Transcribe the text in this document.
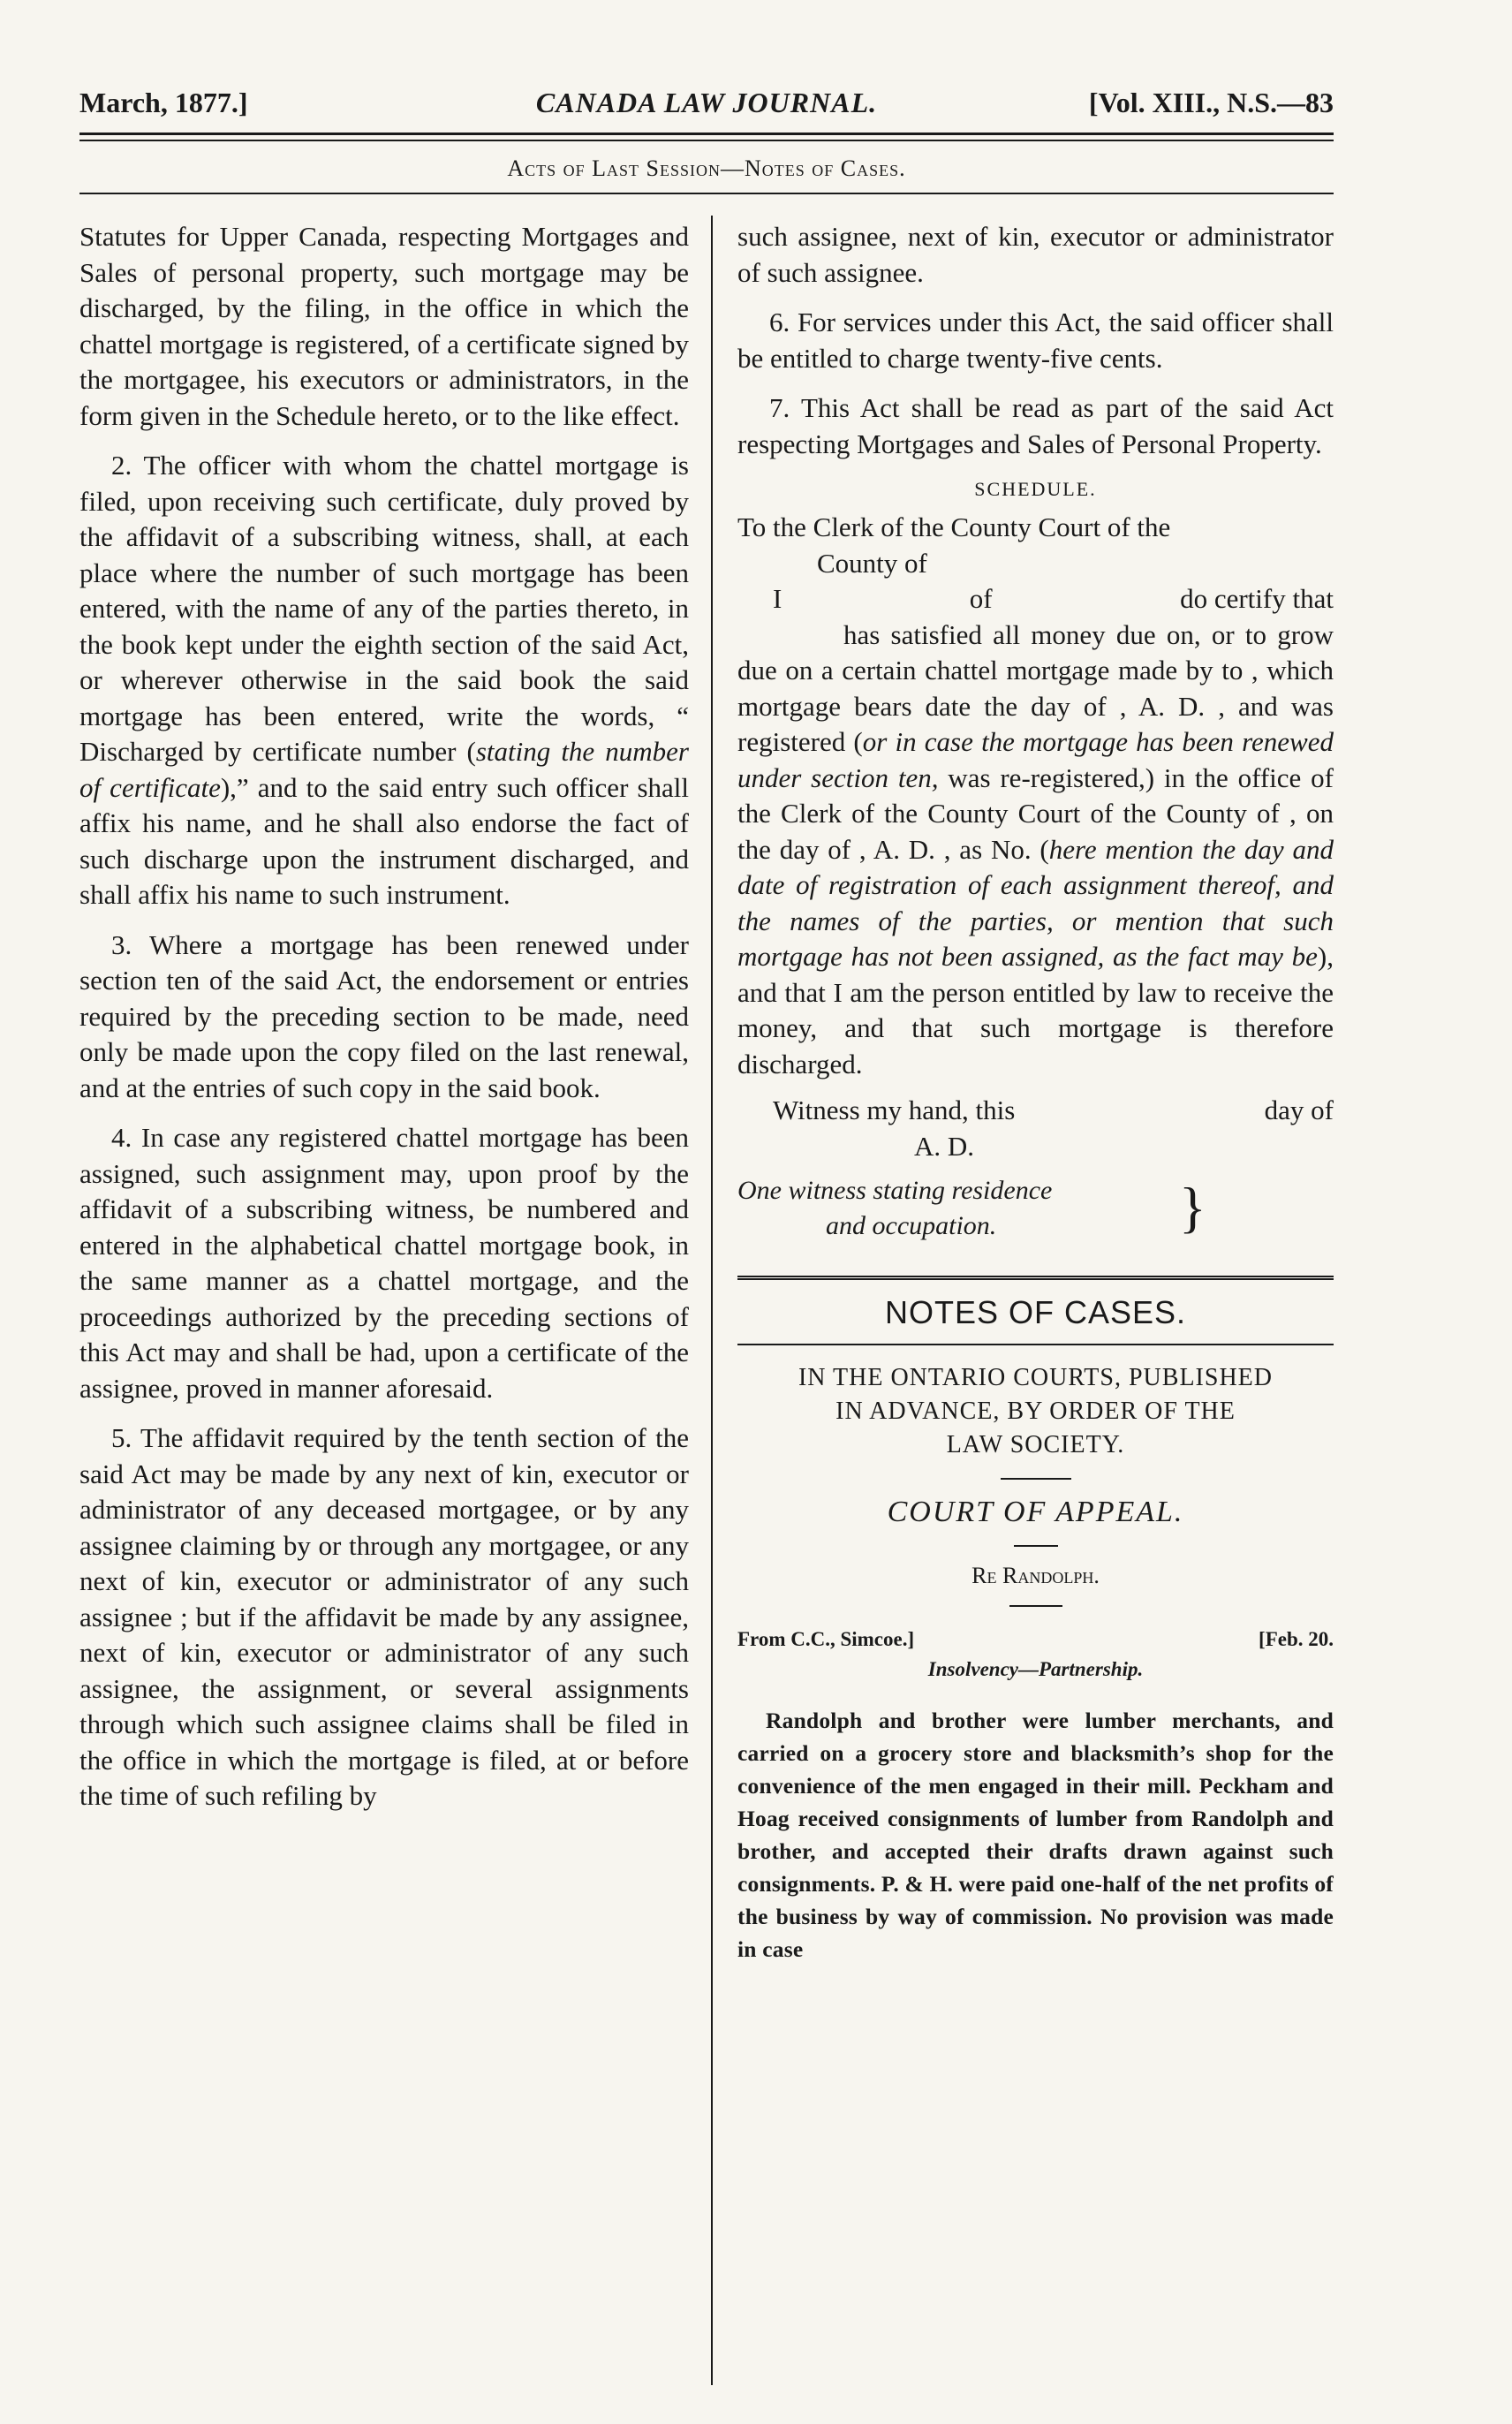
March, 1877.]	CANADA LAW JOURNAL.	[Vol. XIII., N.S.—83
Acts of Last Session—Notes of Cases.

Statutes for Upper Canada, respecting Mortgages and Sales of personal property, such mortgage may be discharged, by the filing, in the office in which the chattel mortgage is registered, of a certificate signed by the mortgagee, his executors or administrators, in the form given in the Schedule hereto, or to the like effect.

2. The officer with whom the chattel mortgage is filed, upon receiving such certificate, duly proved by the affidavit of a subscribing witness, shall, at each place where the number of such mortgage has been entered, with the name of any of the parties thereto, in the book kept under the eighth section of the said Act, or wherever otherwise in the said book the said mortgage has been entered, write the words, “ Discharged by certificate number (stating the number of certificate),” and to the said entry such officer shall affix his name, and he shall also endorse the fact of such discharge upon the instrument discharged, and shall affix his name to such instrument.

3. Where a mortgage has been renewed under section ten of the said Act, the endorsement or entries required by the preceding section to be made, need only be made upon the copy filed on the last renewal, and at the entries of such copy in the said book.

4. In case any registered chattel mortgage has been assigned, such assignment may, upon proof by the affidavit of a subscribing witness, be numbered and entered in the alphabetical chattel mortgage book, in the same manner as a chattel mortgage, and the proceedings authorized by the preceding sections of this Act may and shall be had, upon a certificate of the assignee, proved in manner aforesaid.

5. The affidavit required by the tenth section of the said Act may be made by any next of kin, executor or administrator of any deceased mortgagee, or by any assignee claiming by or through any mortgagee, or any next of kin, executor or administrator of any such assignee ; but if the affidavit be made by any assignee, next of kin, executor or administrator of any such assignee, the assignment, or several assignments through which such assignee claims shall be filed in the office in which the mortgage is filed, at or before the time of such refiling by

such assignee, next of kin, executor or administrator of such assignee.

6. For services under this Act, the said officer shall be entitled to charge twenty-five cents.

7. This Act shall be read as part of the said Act respecting Mortgages and Sales of Personal Property.

SCHEDULE.
To the Clerk of the County Court of the
County of
I	of	do certify that

has satisfied all money due on, or to grow due on a certain chattel mortgage made by to , which mortgage bears date the day of , A. D. , and was registered (or in case the mortgage has been renewed under section ten, was re-registered,) in the office of the Clerk of the County Court of the County of , on the day of , A. D. , as No. (here mention the day and date of registration of each assignment thereof, and the names of the parties, or mention that such mortgage has not been assigned, as the fact may be), and that I am the person entitled by law to receive the money, and that such mortgage is therefore discharged.

Witness my hand, this	day of
A. D.
One witness stating residence
and occupation.	}
NOTES OF CASES.
IN THE ONTARIO COURTS, PUBLISHED
IN ADVANCE, BY ORDER OF THE
LAW SOCIETY.
COURT OF APPEAL.
Re Randolph.
From C.C., Simcoe.]	[Feb. 20.
Insolvency—Partnership.

Randolph and brother were lumber merchants, and carried on a grocery store and blacksmith’s shop for the convenience of the men engaged in their mill. Peckham and Hoag received consignments of lumber from Randolph and brother, and accepted their drafts drawn against such consignments. P. & H. were paid one-half of the net profits of the business by way of commission. No provision was made in case
